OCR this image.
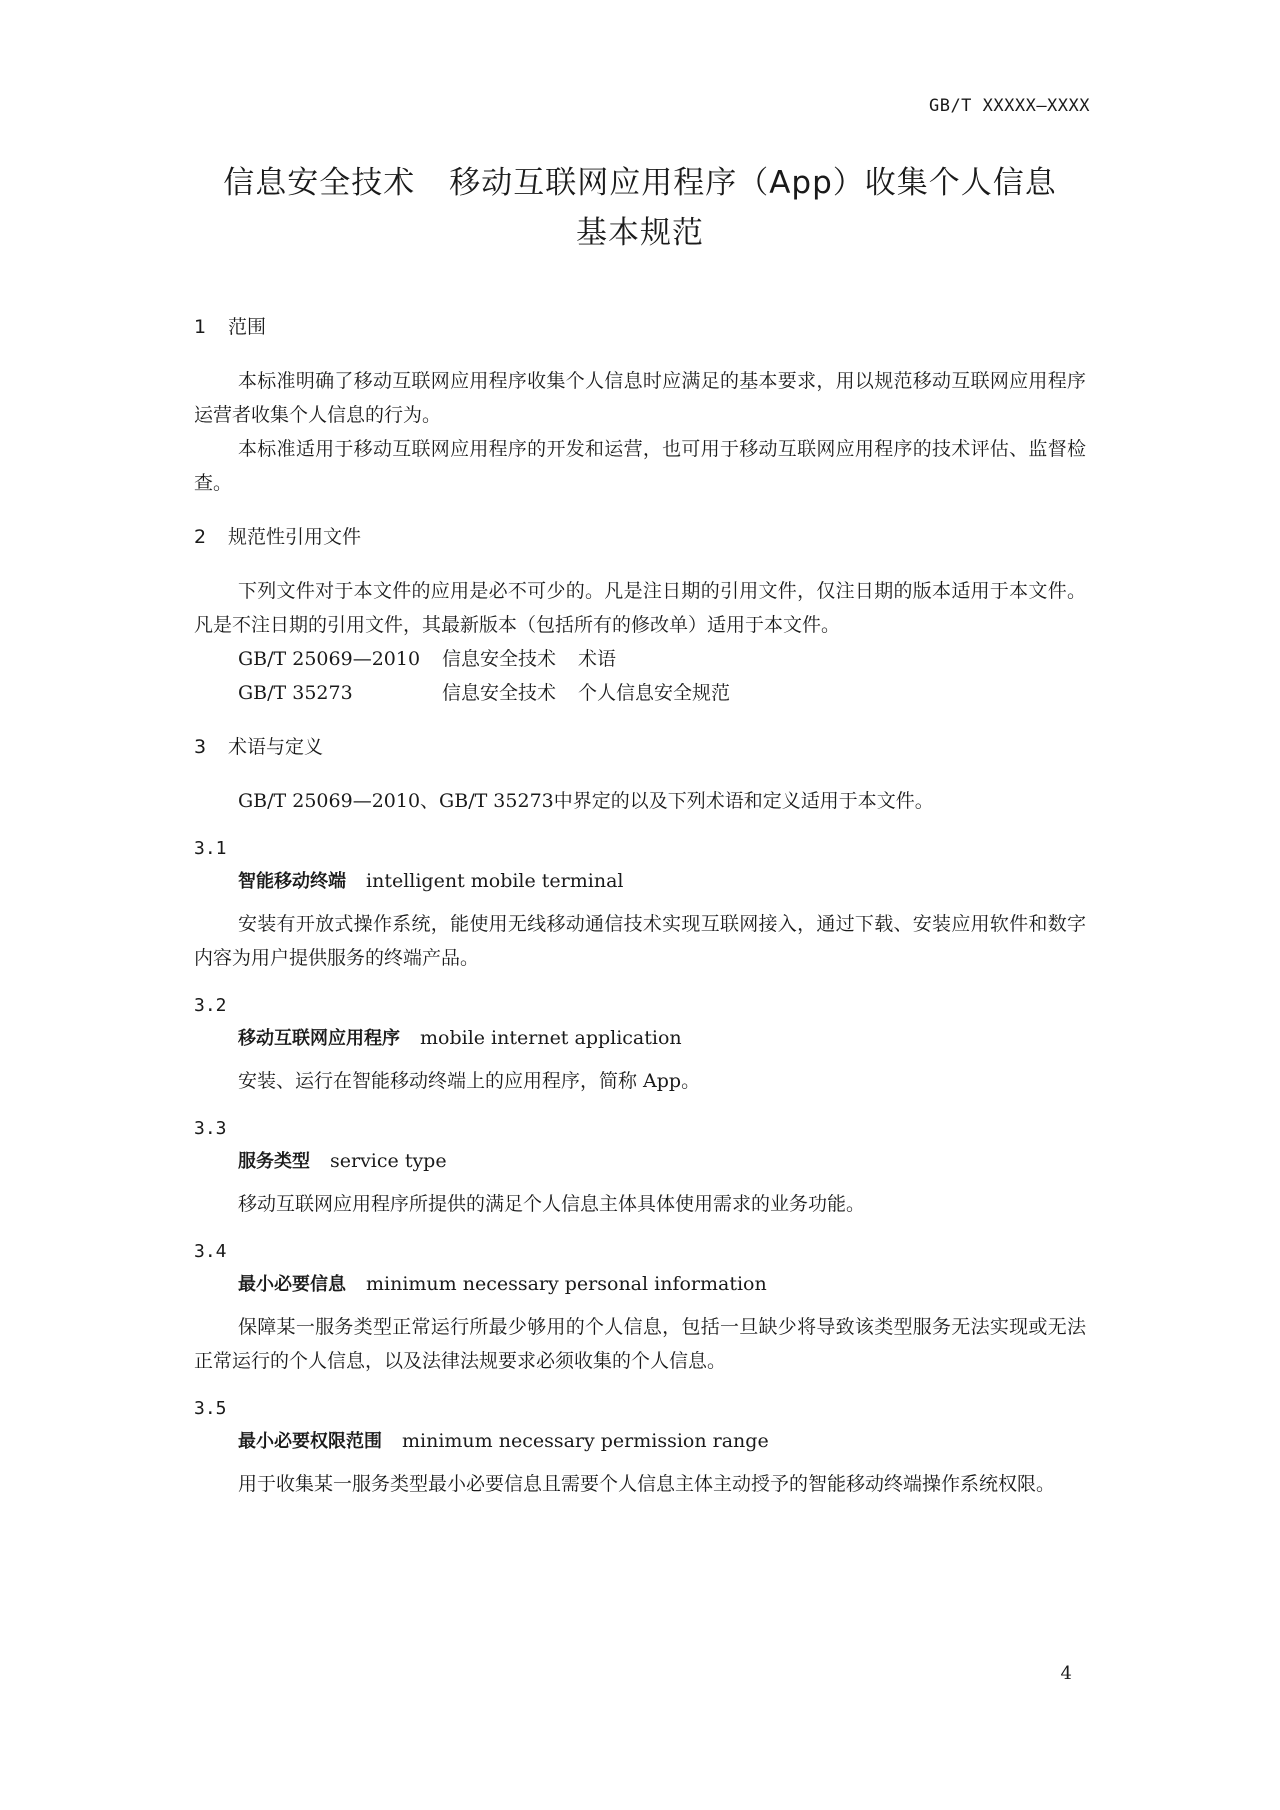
GB/T XXXXX—XXXX
信息安全技术 移动互联网应用程序（App）收集个人信息
基本规范
1 范围

本标准明确了移动互联网应用程序收集个人信息时应满足的基本要求，用以规范移动互联网应用程序运营者收集个人信息的行为。

本标准适用于移动互联网应用程序的开发和运营，也可用于移动互联网应用程序的技术评估、监督检查。

2 规范性引用文件

下列文件对于本文件的应用是必不可少的。凡是注日期的引用文件，仅注日期的版本适用于本文件。凡是不注日期的引用文件，其最新版本（包括所有的修改单）适用于本文件。

GB/T 25069—2010 信息安全技术 术语
GB/T 35273	信息安全技术 个人信息安全规范
3 术语与定义

GB/T 25069—2010、GB/T 35273中界定的以及下列术语和定义适用于本文件。

3.1
智能移动终端 intelligent mobile terminal

安装有开放式操作系统，能使用无线移动通信技术实现互联网接入，通过下载、安装应用软件和数字内容为用户提供服务的终端产品。

3.2
移动互联网应用程序 mobile internet application

安装、运行在智能移动终端上的应用程序，简称 App。

3.3
服务类型 service type

移动互联网应用程序所提供的满足个人信息主体具体使用需求的业务功能。

3.4
最小必要信息 minimum necessary personal information

保障某一服务类型正常运行所最少够用的个人信息，包括一旦缺少将导致该类型服务无法实现或无法正常运行的个人信息，以及法律法规要求必须收集的个人信息。

3.5
最小必要权限范围 minimum necessary permission range

用于收集某一服务类型最小必要信息且需要个人信息主体主动授予的智能移动终端操作系统权限。

4
